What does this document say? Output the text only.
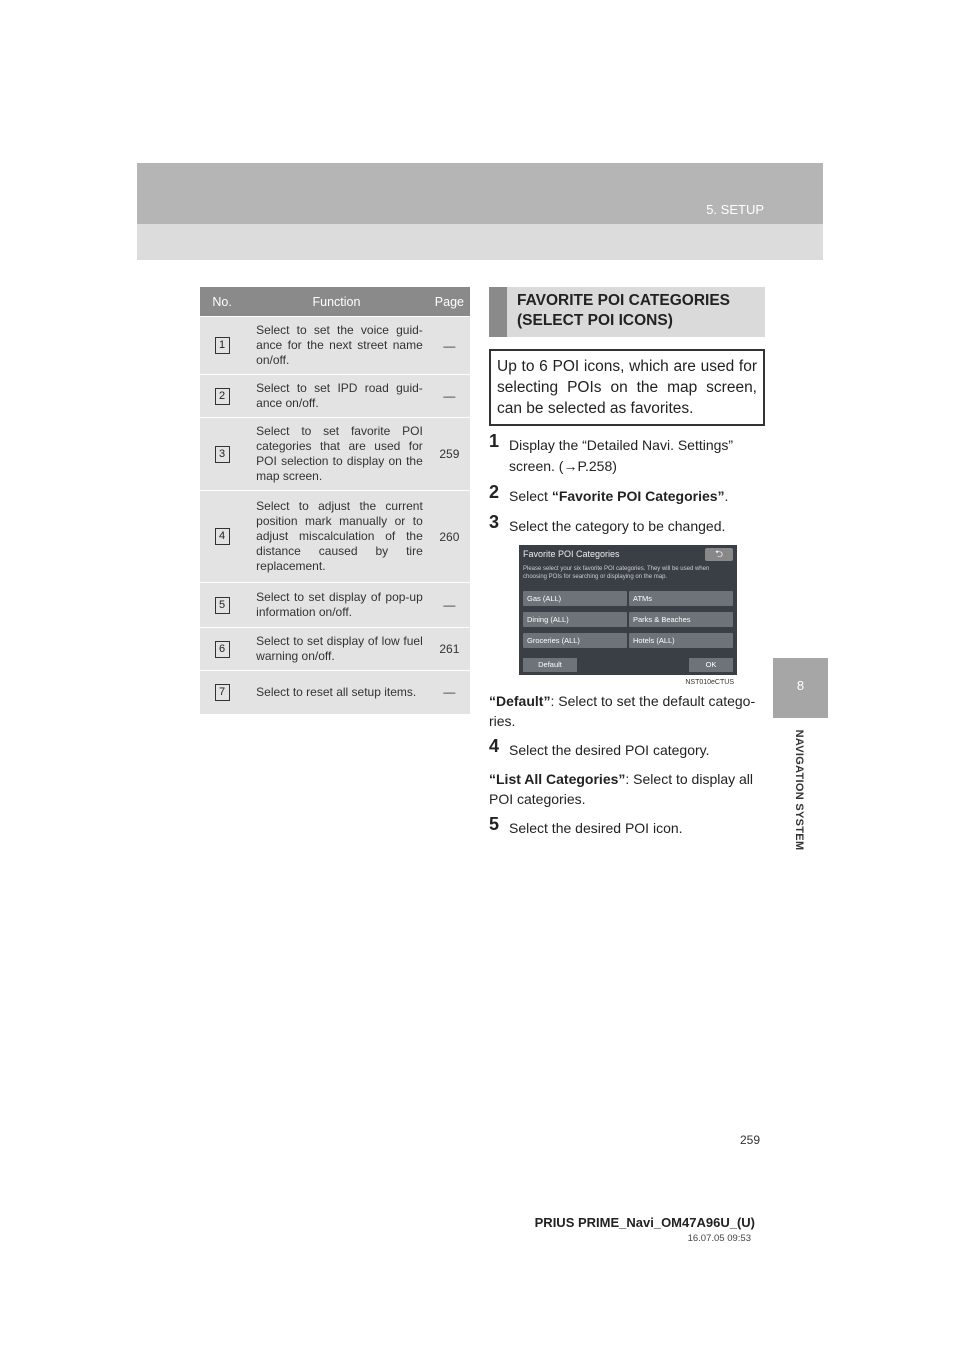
5. SETUP
8
NAVIGATION SYSTEM
No.	Function	Page
1	Select to set the voice guid-ance for the next street name on/off.	—
2	Select to set IPD road guid-ance on/off.	—
3	Select to set favorite POI categories that are used for POI selection to display on the map screen.	259
4	Select to adjust the current position mark manually or to adjust miscalculation of the distance caused by tire replacement.	260
5	Select to set display of pop-up information on/off.	—
6	Select to set display of low fuel warning on/off.	261
7	Select to reset all setup items.	—
FAVORITE POI CATEGORIES (SELECT POI ICONS)
Up to 6 POI icons, which are used for selecting POIs on the map screen, can be selected as favorites.
1 Display the “Detailed Navi. Settings” screen. (→P.258)
2 Select “Favorite POI Categories”.
3 Select the category to be changed.
Favorite POI Categories	⮌
Please select your six favorite POI categories. They will be used when choosing POIs for searching or displaying on the map.
Gas (ALL)	ATMs
Dining (ALL)	Parks & Beaches
Groceries (ALL)	Hotels (ALL)
Default	OK
NST010eCTUS
“Default”: Select to set the default catego-ries.
4 Select the desired POI category.
“List All Categories”: Select to display all POI categories.
5 Select the desired POI icon.
259
PRIUS PRIME_Navi_OM47A96U_(U)
16.07.05 09:53
